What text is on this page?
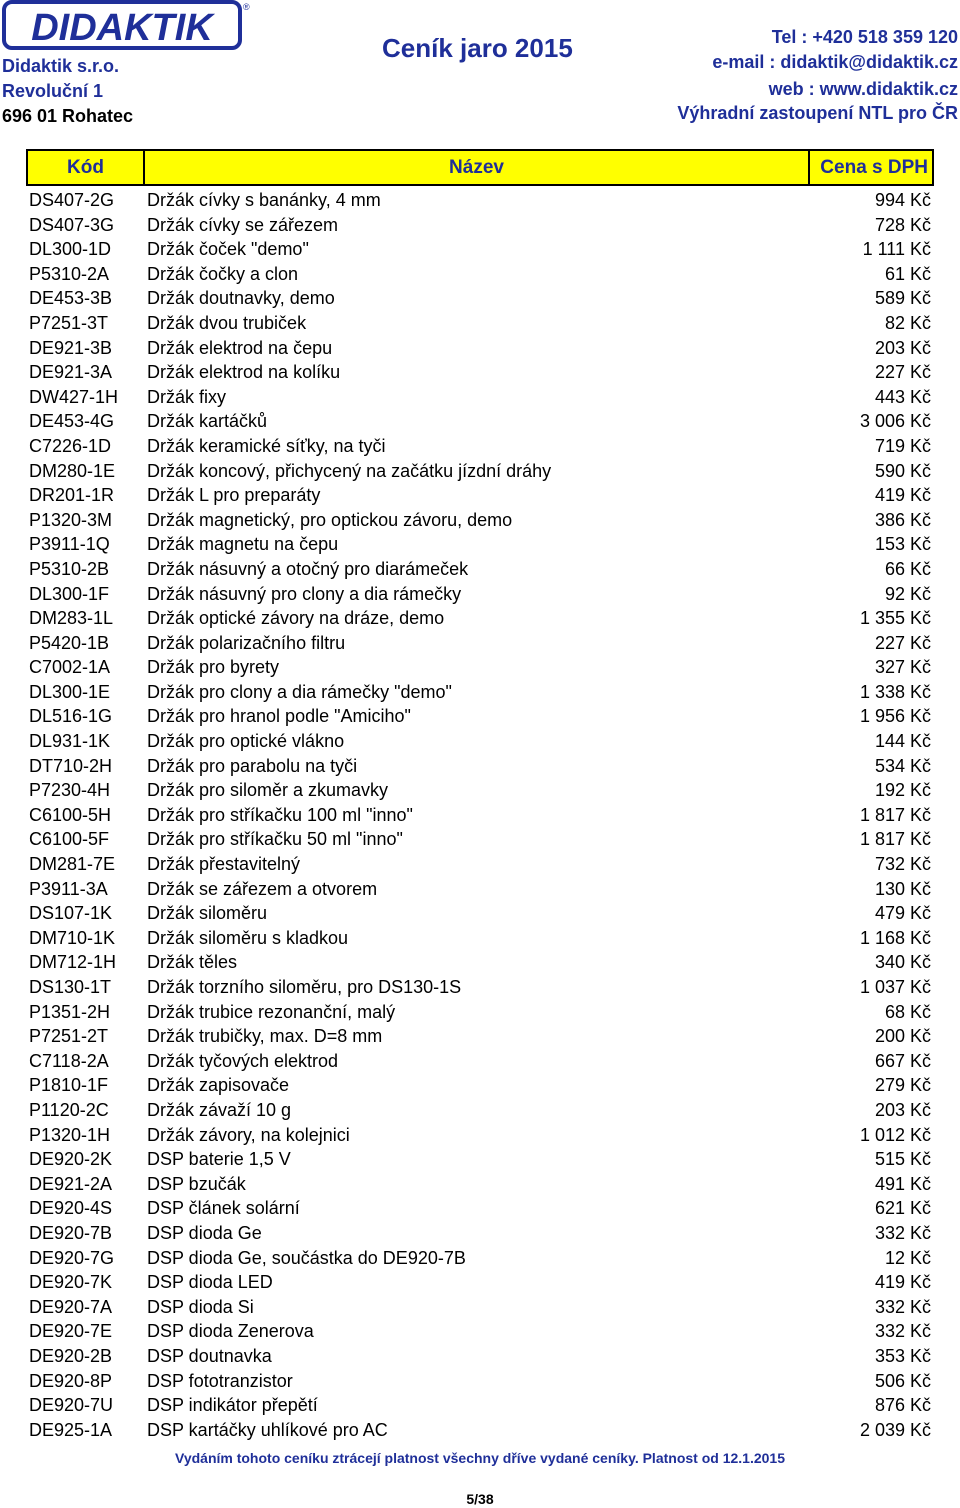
DIDAKTIK	®
Didaktik s.r.o.
Revoluční 1
696 01 Rohatec
Ceník jaro 2015	Tel : +420 518 359 120
e-mail : didaktik@didaktik.cz
web : www.didaktik.cz
Výhradní zastoupení NTL pro ČR
Kód	Název	Cena s DPH
DS407-2G Držák cívky s banánky, 4 mm	994 Kč
DS407-3G Držák cívky se zářezem	728 Kč
DL300-1D Držák čoček "demo"	1 111 Kč
P5310-2A Držák čočky a clon	61 Kč
DE453-3B Držák doutnavky, demo	589 Kč
P7251-3T Držák dvou trubiček	82 Kč
DE921-3B Držák elektrod na čepu	203 Kč
DE921-3A Držák elektrod na kolíku	227 Kč
DW427-1H Držák fixy	443 Kč
DE453-4G Držák kartáčků	3 006 Kč
C7226-1D Držák keramické síťky, na tyči	719 Kč
DM280-1E Držák koncový, přichycený na začátku jízdní dráhy	590 Kč
DR201-1R Držák L pro preparáty	419 Kč
P1320-3M Držák magnetický, pro optickou závoru, demo	386 Kč
P3911-1Q Držák magnetu na čepu	153 Kč
P5310-2B Držák násuvný a otočný pro diarámeček	66 Kč
DL300-1F Držák násuvný pro clony a dia rámečky	92 Kč
DM283-1L Držák optické závory na dráze, demo	1 355 Kč
P5420-1B Držák polarizačního filtru	227 Kč
C7002-1A Držák pro byrety	327 Kč
DL300-1E Držák pro clony a dia rámečky "demo"	1 338 Kč
DL516-1G Držák pro hranol podle "Amiciho"	1 956 Kč
DL931-1K Držák pro optické vlákno	144 Kč
DT710-2H Držák pro parabolu na tyči	534 Kč
P7230-4H Držák pro siloměr a zkumavky	192 Kč
C6100-5H Držák pro stříkačku 100 ml "inno"	1 817 Kč
C6100-5F Držák pro stříkačku 50 ml "inno"	1 817 Kč
DM281-7E Držák přestavitelný	732 Kč
P3911-3A Držák se zářezem a otvorem	130 Kč
DS107-1K Držák siloměru	479 Kč
DM710-1K Držák siloměru s kladkou	1 168 Kč
DM712-1H Držák těles	340 Kč
DS130-1T Držák torzního siloměru, pro DS130-1S	1 037 Kč
P1351-2H Držák trubice rezonanční, malý	68 Kč
P7251-2T Držák trubičky, max. D=8 mm	200 Kč
C7118-2A Držák tyčových elektrod	667 Kč
P1810-1F Držák zapisovače	279 Kč
P1120-2C Držák závaží 10 g	203 Kč
P1320-1H Držák závory, na kolejnici	1 012 Kč
DE920-2K DSP baterie 1,5 V	515 Kč
DE921-2A DSP bzučák	491 Kč
DE920-4S DSP článek solární	621 Kč
DE920-7B DSP dioda Ge	332 Kč
DE920-7G DSP dioda Ge, součástka do DE920-7B	12 Kč
DE920-7K DSP dioda LED	419 Kč
DE920-7A DSP dioda Si	332 Kč
DE920-7E DSP dioda Zenerova	332 Kč
DE920-2B DSP doutnavka	353 Kč
DE920-8P DSP fototranzistor	506 Kč
DE920-7U DSP indikátor přepětí	876 Kč
DE925-1A DSP kartáčky uhlíkové pro AC	2 039 Kč
Vydáním tohoto ceníku ztrácejí platnost všechny dříve vydané ceníky. Platnost od 12.1.2015
5/38
